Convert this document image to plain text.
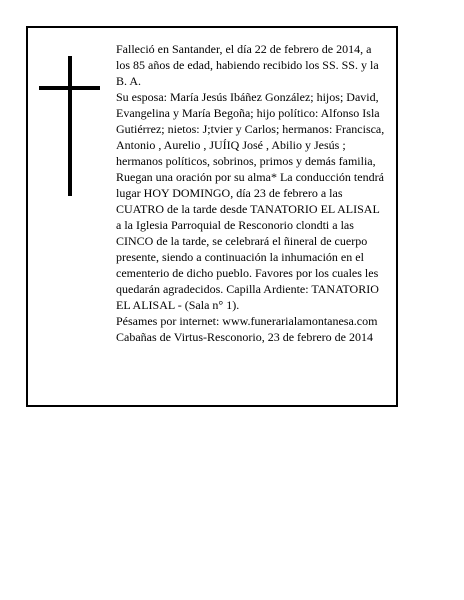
Falleció en Santander, el día 22 de febrero de 2014, a

los 85 años de edad, habiendo recibido los SS. SS. y la

B. A.

Su esposa: María Jesús Ibáñez González; hijos; David,

Evangelina y María Begoña; hijo político: Alfonso Isla

Gutiérrez; nietos: J;tvier y Carlos; hermanos: Francisca,

Antonio , Aurelio , JUÍIQ José , Abilio y Jesús ;

hermanos políticos, sobrinos, primos y demás familia,

Ruegan una oración por su alma* La conducción tendrá

lugar HOY DOMINGO, día 23 de febrero a las

CUATRO de la tarde desde TANATORIO EL ALISAL

a la Iglesia Parroquial de Resconorio clondti a las

CINCO de la tarde, se celebrará el ñineral de cuerpo

presente, siendo a continuación la inhumación en el

cementerio de dicho pueblo. Favores por los cuales les

quedarán agradecidos. Capilla Ardiente: TANATORIO

EL ALISAL - (Sala n° 1).

Pésames por internet: www.funerarialamontanesa.com

Cabañas de Virtus-Resconorio, 23 de febrero de 2014
